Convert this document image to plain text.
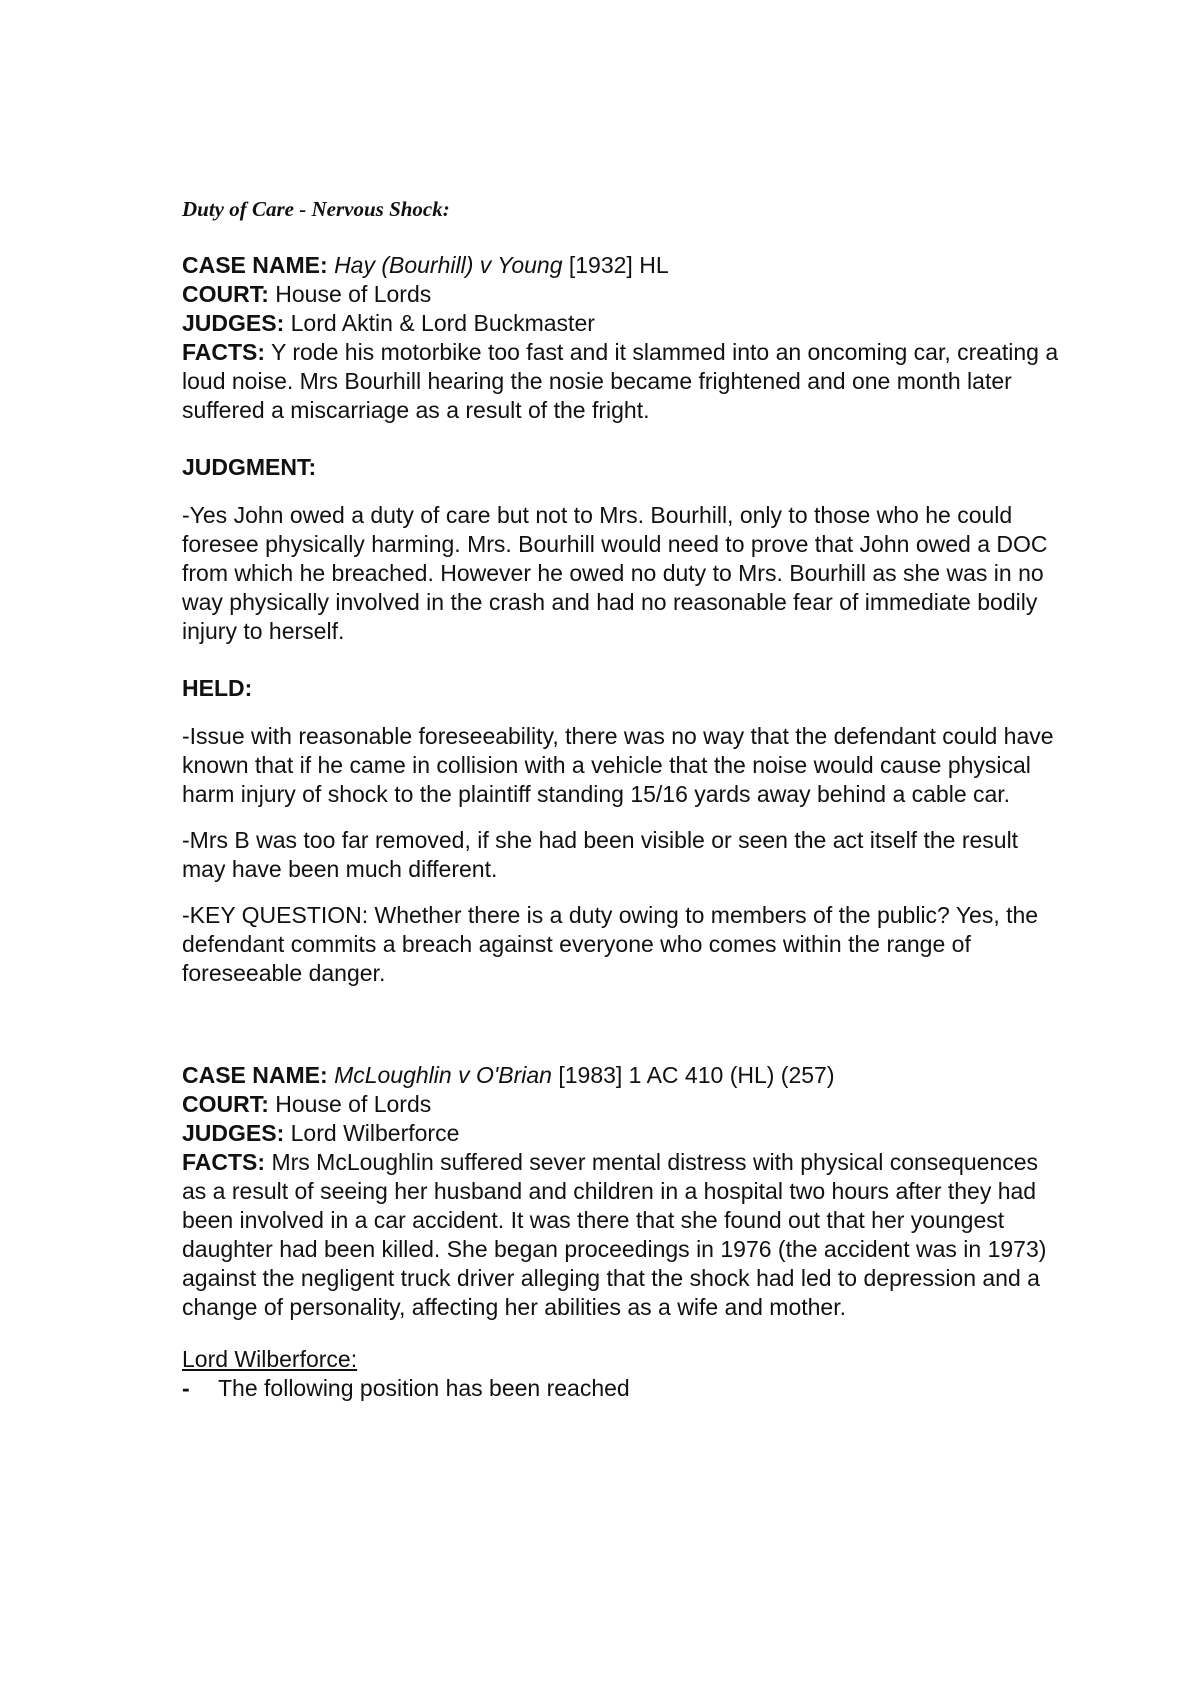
Duty of Care - Nervous Shock:

CASE NAME: Hay (Bourhill) v Young [1932] HL

COURT: House of Lords

JUDGES: Lord Aktin & Lord Buckmaster

FACTS: Y rode his motorbike too fast and it slammed into an oncoming car, creating a loud noise. Mrs Bourhill hearing the nosie became frightened and one month later suffered a miscarriage as a result of the fright.

JUDGMENT:

-Yes John owed a duty of care but not to Mrs. Bourhill, only to those who he could foresee physically harming. Mrs. Bourhill would need to prove that John owed a DOC from which he breached. However he owed no duty to Mrs. Bourhill as she was in no way physically involved in the crash and had no reasonable fear of immediate bodily injury to herself.

HELD:

-Issue with reasonable foreseeability, there was no way that the defendant could have known that if he came in collision with a vehicle that the noise would cause physical harm injury of shock to the plaintiff standing 15/16 yards away behind a cable car.

-Mrs B was too far removed, if she had been visible or seen the act itself the result may have been much different.

-KEY QUESTION: Whether there is a duty owing to members of the public? Yes, the defendant commits a breach against everyone who comes within the range of foreseeable danger.

CASE NAME: McLoughlin v O'Brian [1983] 1 AC 410 (HL) (257)

COURT: House of Lords

JUDGES: Lord Wilberforce

FACTS: Mrs McLoughlin suffered sever mental distress with physical consequences as a result of seeing her husband and children in a hospital two hours after they had been involved in a car accident. It was there that she found out that her youngest daughter had been killed. She began proceedings in 1976 (the accident was in 1973) against the negligent truck driver alleging that the shock had led to depression and a change of personality, affecting her abilities as a wife and mother.

Lord Wilberforce:

-	The following position has been reached
